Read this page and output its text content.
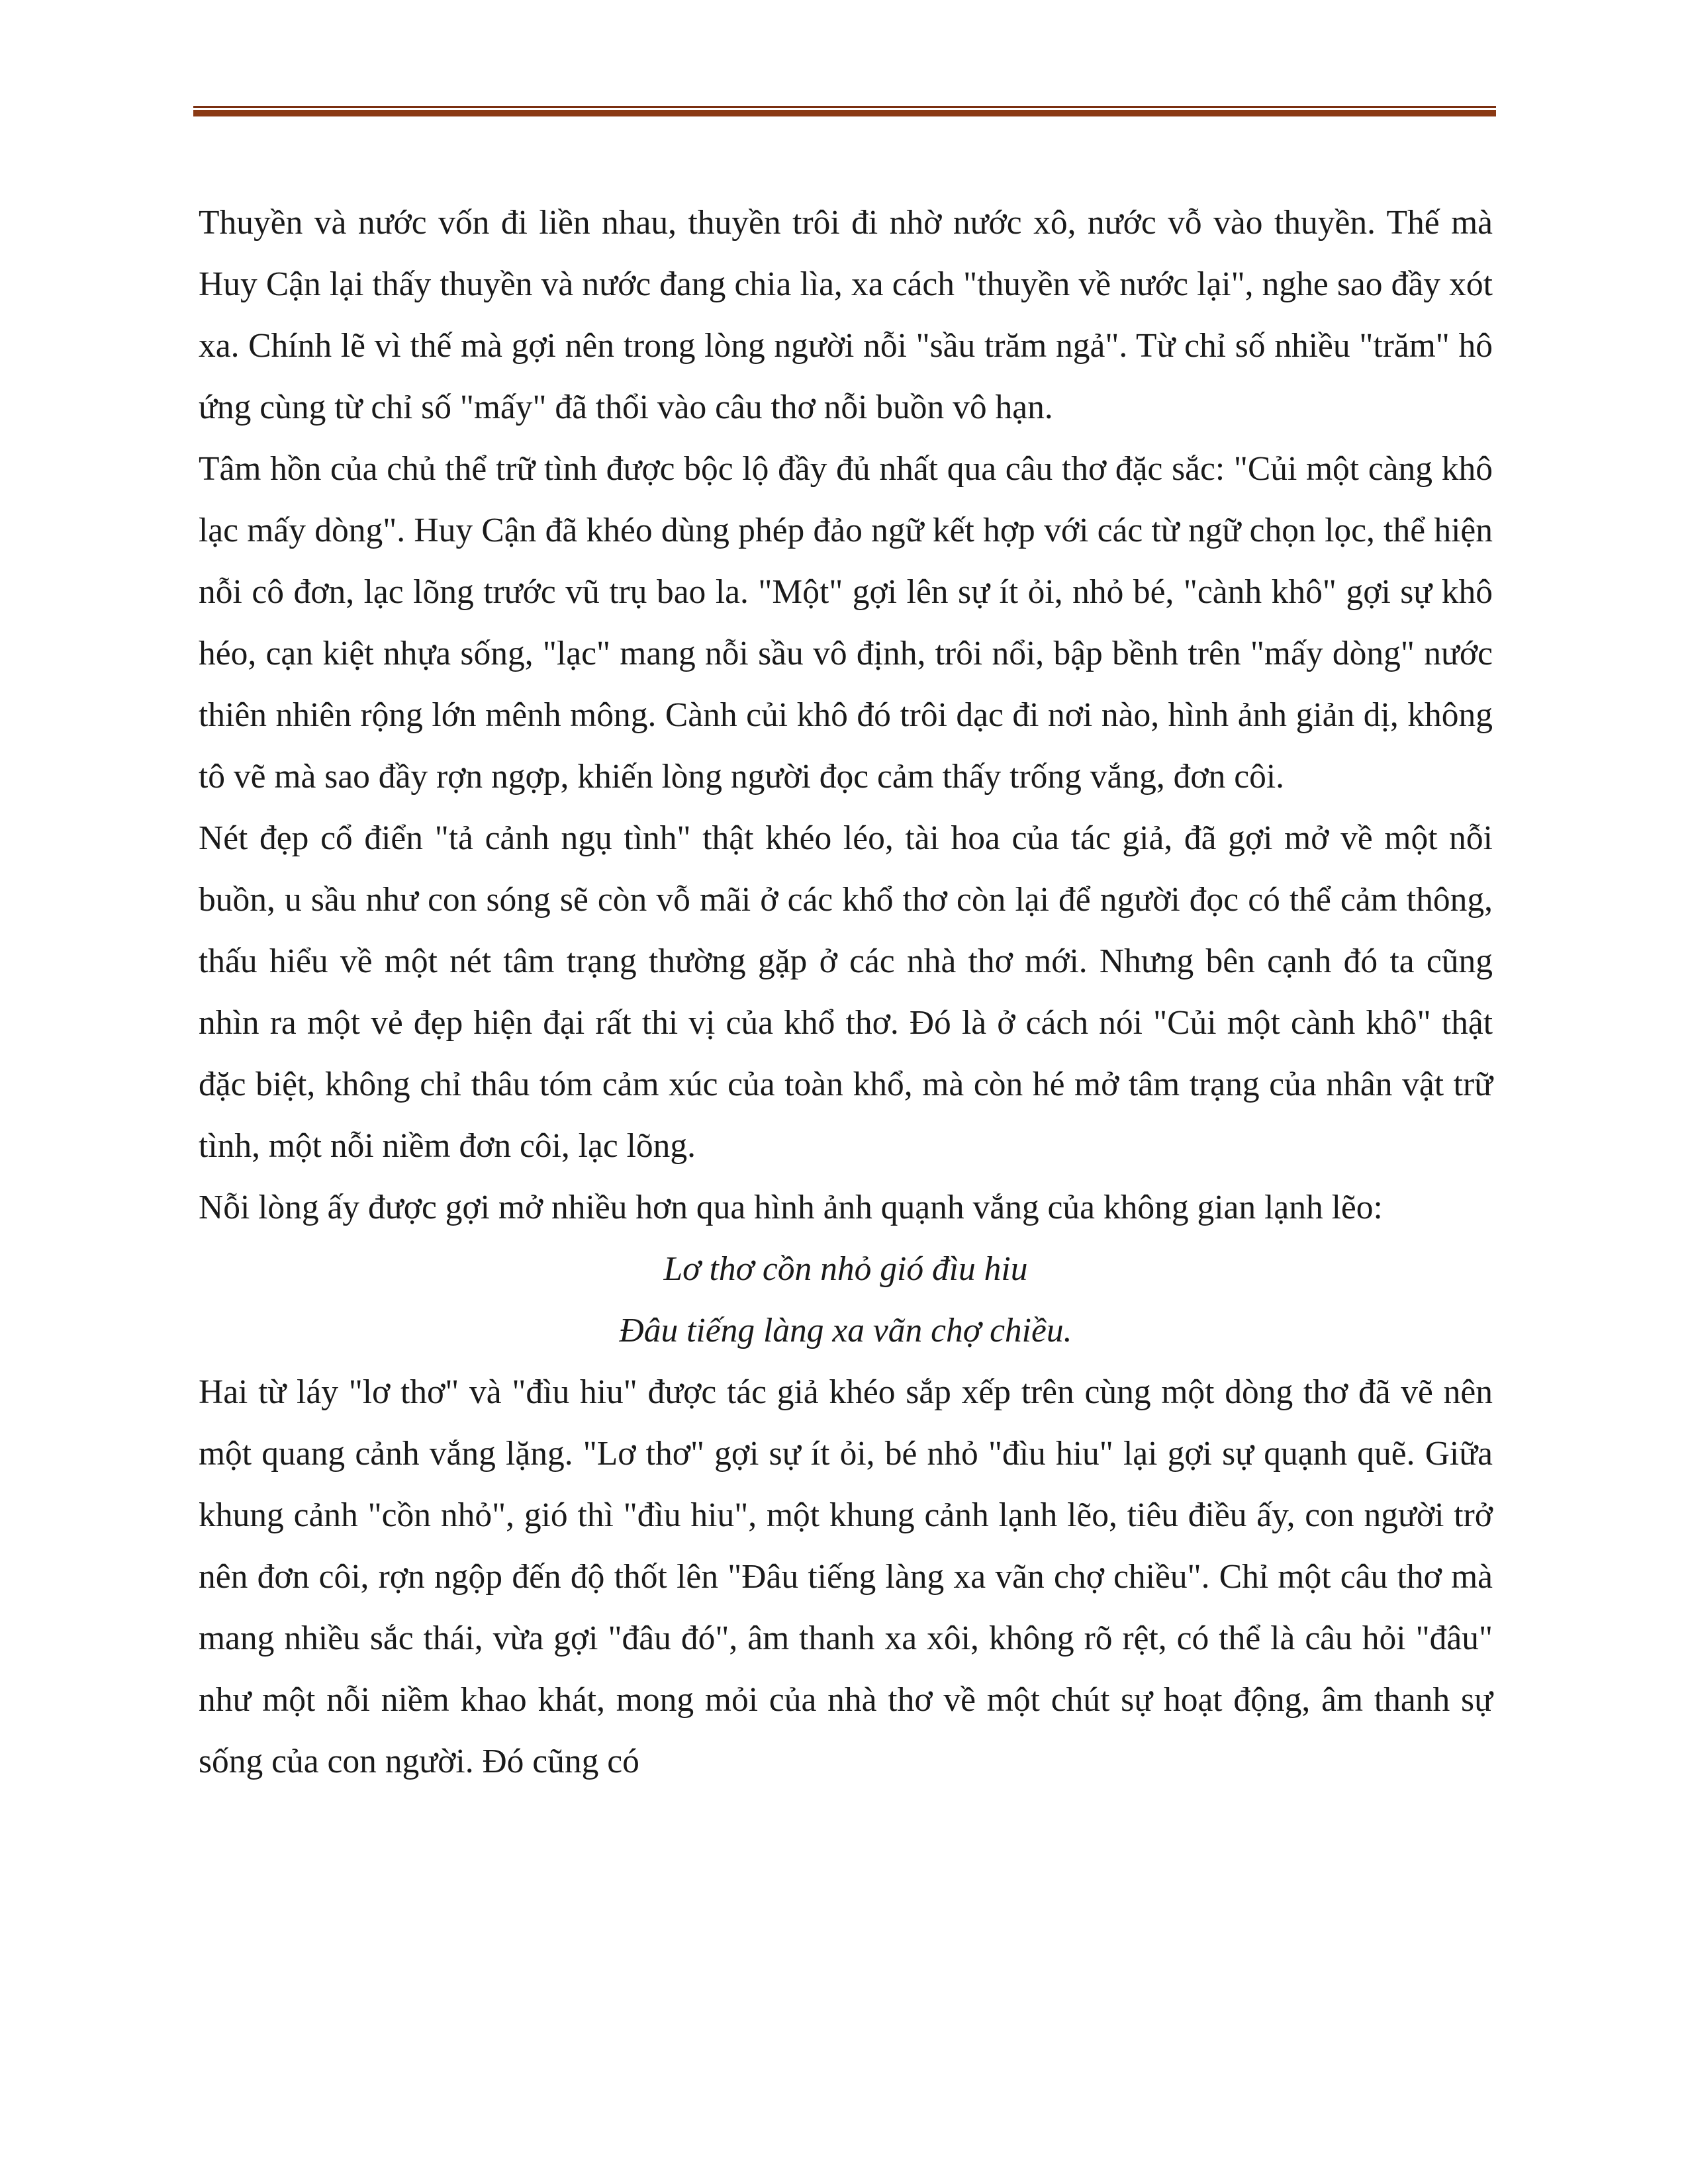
Thuyền và nước vốn đi liền nhau, thuyền trôi đi nhờ nước xô, nước vỗ vào thuyền. Thế mà Huy Cận lại thấy thuyền và nước đang chia lìa, xa cách "thuyền về nước lại", nghe sao đầy xót xa. Chính lẽ vì thế mà gợi nên trong lòng người nỗi "sầu trăm ngả". Từ chỉ số nhiều "trăm" hô ứng cùng từ chỉ số "mấy" đã thổi vào câu thơ nỗi buồn vô hạn.

Tâm hồn của chủ thể trữ tình được bộc lộ đầy đủ nhất qua câu thơ đặc sắc: "Củi một càng khô lạc mấy dòng". Huy Cận đã khéo dùng phép đảo ngữ kết hợp với các từ ngữ chọn lọc, thể hiện nỗi cô đơn, lạc lõng trước vũ trụ bao la. "Một" gợi lên sự ít ỏi, nhỏ bé, "cành khô" gợi sự khô héo, cạn kiệt nhựa sống, "lạc" mang nỗi sầu vô định, trôi nổi, bập bềnh trên "mấy dòng" nước thiên nhiên rộng lớn mênh mông. Cành củi khô đó trôi dạc đi nơi nào, hình ảnh giản dị, không tô vẽ mà sao đầy rợn ngợp, khiến lòng người đọc cảm thấy trống vắng, đơn côi.

Nét đẹp cổ điển "tả cảnh ngụ tình" thật khéo léo, tài hoa của tác giả, đã gợi mở về một nỗi buồn, u sầu như con sóng sẽ còn vỗ mãi ở các khổ thơ còn lại để người đọc có thể cảm thông, thấu hiểu về một nét tâm trạng thường gặp ở các nhà thơ mới. Nhưng bên cạnh đó ta cũng nhìn ra một vẻ đẹp hiện đại rất thi vị của khổ thơ. Đó là ở cách nói "Củi một cành khô" thật đặc biệt, không chỉ thâu tóm cảm xúc của toàn khổ, mà còn hé mở tâm trạng của nhân vật trữ tình, một nỗi niềm đơn côi, lạc lõng.

Nỗi lòng ấy được gợi mở nhiều hơn qua hình ảnh quạnh vắng của không gian lạnh lẽo:

Lơ thơ cồn nhỏ gió đìu hiu

Đâu tiếng làng xa vãn chợ chiều.

Hai từ láy "lơ thơ" và "đìu hiu" được tác giả khéo sắp xếp trên cùng một dòng thơ đã vẽ nên một quang cảnh vắng lặng. "Lơ thơ" gợi sự ít ỏi, bé nhỏ "đìu hiu" lại gợi sự quạnh quẽ. Giữa khung cảnh "cồn nhỏ", gió thì "đìu hiu", một khung cảnh lạnh lẽo, tiêu điều ấy, con người trở nên đơn côi, rợn ngộp đến độ thốt lên "Đâu tiếng làng xa vãn chợ chiều". Chỉ một câu thơ mà mang nhiều sắc thái, vừa gợi "đâu đó", âm thanh xa xôi, không rõ rệt, có thể là câu hỏi "đâu" như một nỗi niềm khao khát, mong mỏi của nhà thơ về một chút sự hoạt động, âm thanh sự sống của con người. Đó cũng có
